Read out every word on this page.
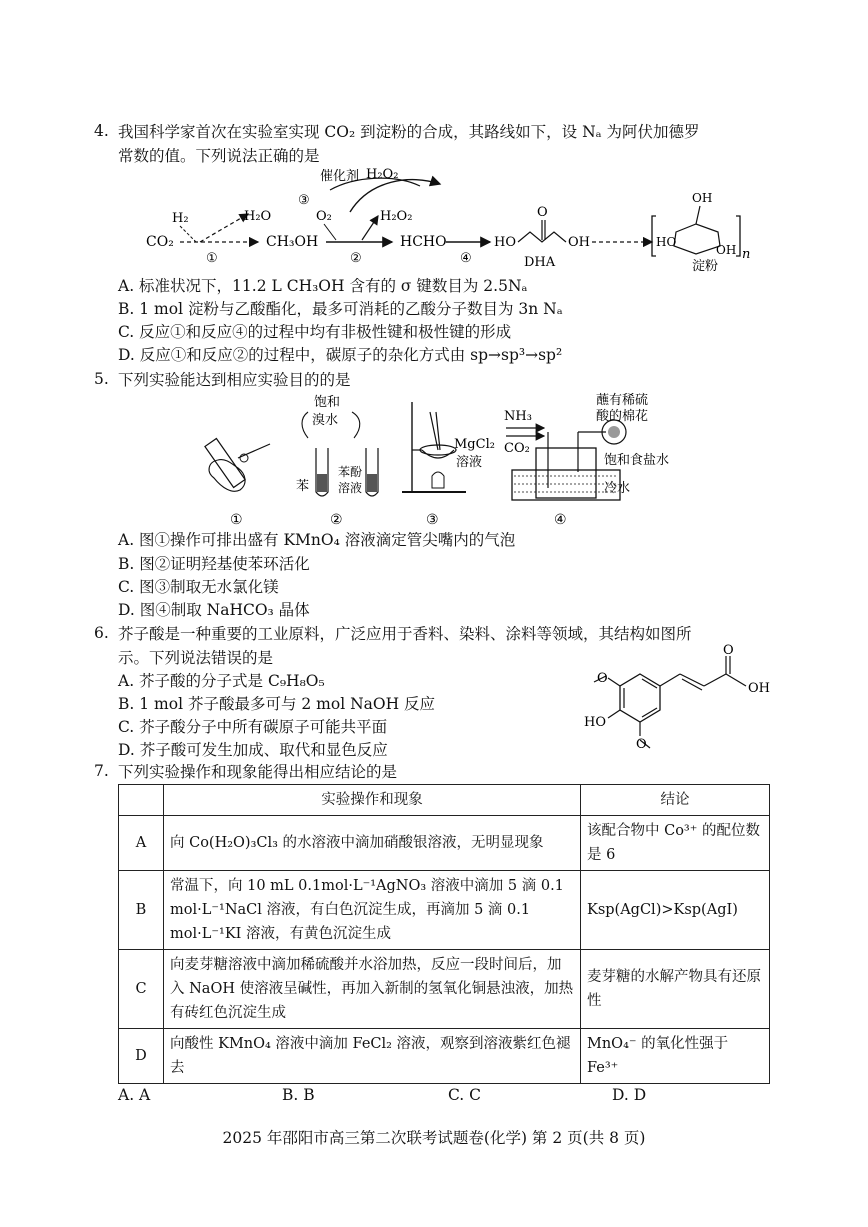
4. 我国科学家首次在实验室实现 CO₂ 到淀粉的合成，其路线如下，设 Nₐ 为阿伏加德罗
常数的值。下列说法正确的是
③
催化剂 H₂O₂
H₂
CO₂
①
H₂O
CH₃OH
O₂	H₂O₂
②
HCHO
④
HO
O
OH
DHA
OH
HO
OH n
淀粉
A. 标准状况下，11.2 L CH₃OH 含有的 σ 键数目为 2.5Nₐ
B. 1 mol 淀粉与乙酸酯化，最多可消耗的乙酸分子数目为 3n Nₐ
C. 反应①和反应④的过程中均有非极性键和极性键的形成
D. 反应①和反应②的过程中，碳原子的杂化方式由 sp→sp³→sp²
5. 下列实验能达到相应实验目的的是
①
饱和
溴水
苯
苯酚
溶液
②
MgCl₂
溶液
③
NH₃
CO₂
蘸有稀硫
酸的棉花
饱和食盐水
冷水
④
A. 图①操作可排出盛有 KMnO₄ 溶液滴定管尖嘴内的气泡
B. 图②证明羟基使苯环活化
C. 图③制取无水氯化镁
D. 图④制取 NaHCO₃ 晶体
6. 芥子酸是一种重要的工业原料，广泛应用于香料、染料、涂料等领域，其结构如图所
示。下列说法错误的是
A. 芥子酸的分子式是 C₉H₈O₅
B. 1 mol 芥子酸最多可与 2 mol NaOH 反应
C. 芥子酸分子中所有碳原子可能共平面
D. 芥子酸可发生加成、取代和显色反应
O
HO
O
O
OH
7. 下列实验操作和现象能得出相应结论的是
	实验操作和现象	结论
A	向 Co(H₂O)₃Cl₃ 的水溶液中滴加硝酸银溶液，无明显现象	该配合物中 Co³⁺ 的配位数是 6
B	常温下，向 10 mL 0.1mol·L⁻¹AgNO₃ 溶液中滴加 5 滴 0.1 mol·L⁻¹NaCl 溶液，有白色沉淀生成，再滴加 5 滴 0.1 mol·L⁻¹KI 溶液，有黄色沉淀生成	Ksp(AgCl)>Ksp(AgI)
C	向麦芽糖溶液中滴加稀硫酸并水浴加热，反应一段时间后，加入 NaOH 使溶液呈碱性，再加入新制的氢氧化铜悬浊液，加热有砖红色沉淀生成	麦芽糖的水解产物具有还原性
D	向酸性 KMnO₄ 溶液中滴加 FeCl₂ 溶液，观察到溶液紫红色褪去	MnO₄⁻ 的氧化性强于 Fe³⁺
A. A	B. B	C. C	D. D
2025 年邵阳市高三第二次联考试题卷(化学) 第 2 页(共 8 页)
